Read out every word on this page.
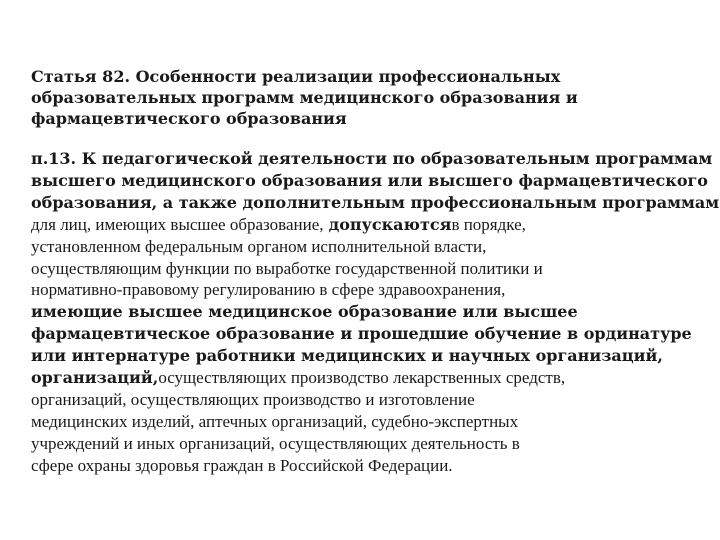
Статья 82. Особенности реализации профессиональных
образовательных программ медицинского образования и
фармацевтического образования
п.13. К педагогической деятельности по образовательным программам
высшего медицинского образования или высшего фармацевтического
образования, а также дополнительным профессиональным программам
для лиц, имеющих высшее образование, допускаютсяв порядке,
установленном федеральным органом исполнительной власти,
осуществляющим функции по выработке государственной политики и
нормативно-правовому регулированию в сфере здравоохранения,
имеющие высшее медицинское образование или высшее
фармацевтическое образование и прошедшие обучение в ординатуре
или интернатуре работники медицинских и научных организаций,
организаций,осуществляющих производство лекарственных средств,
организаций, осуществляющих производство и изготовление
медицинских изделий, аптечных организаций, судебно-экспертных
учреждений и иных организаций, осуществляющих деятельность в
сфере охраны здоровья граждан в Российской Федерации.
